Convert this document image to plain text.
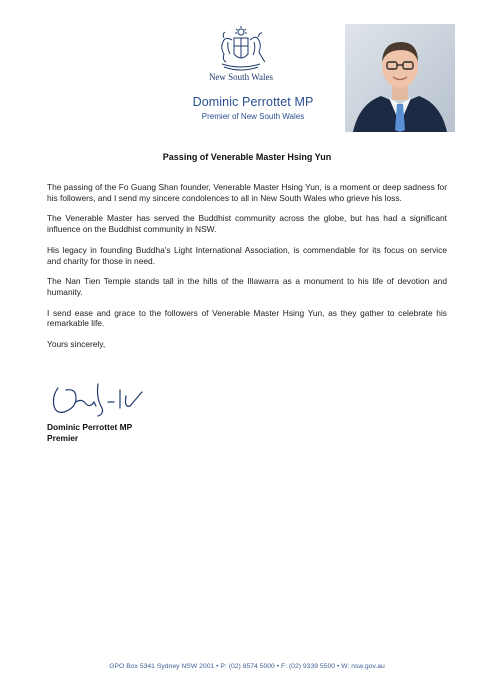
New South Wales
Dominic Perrottet MP
Premier of New South Wales
Passing of Venerable Master Hsing Yun

The passing of the Fo Guang Shan founder, Venerable Master Hsing Yun, is a moment or deep sadness for his followers, and I send my sincere condolences to all in New South Wales who grieve his loss.

The Venerable Master has served the Buddhist community across the globe, but has had a significant influence on the Buddhist community in NSW.

His legacy in founding Buddha's Light International Association, is commendable for its focus on service and charity for those in need.

The Nan Tien Temple stands tall in the hills of the Illawarra as a monument to his life of devotion and humanity.

I send ease and grace to the followers of Venerable Master Hsing Yun, as they gather to celebrate his remarkable life.

Yours sincerely,
Dominic Perrottet MP
Premier
GPO Box 5341 Sydney NSW 2001 • P: (02) 8574 5000 • F: (02) 9339 5500 • W: nsw.gov.au
